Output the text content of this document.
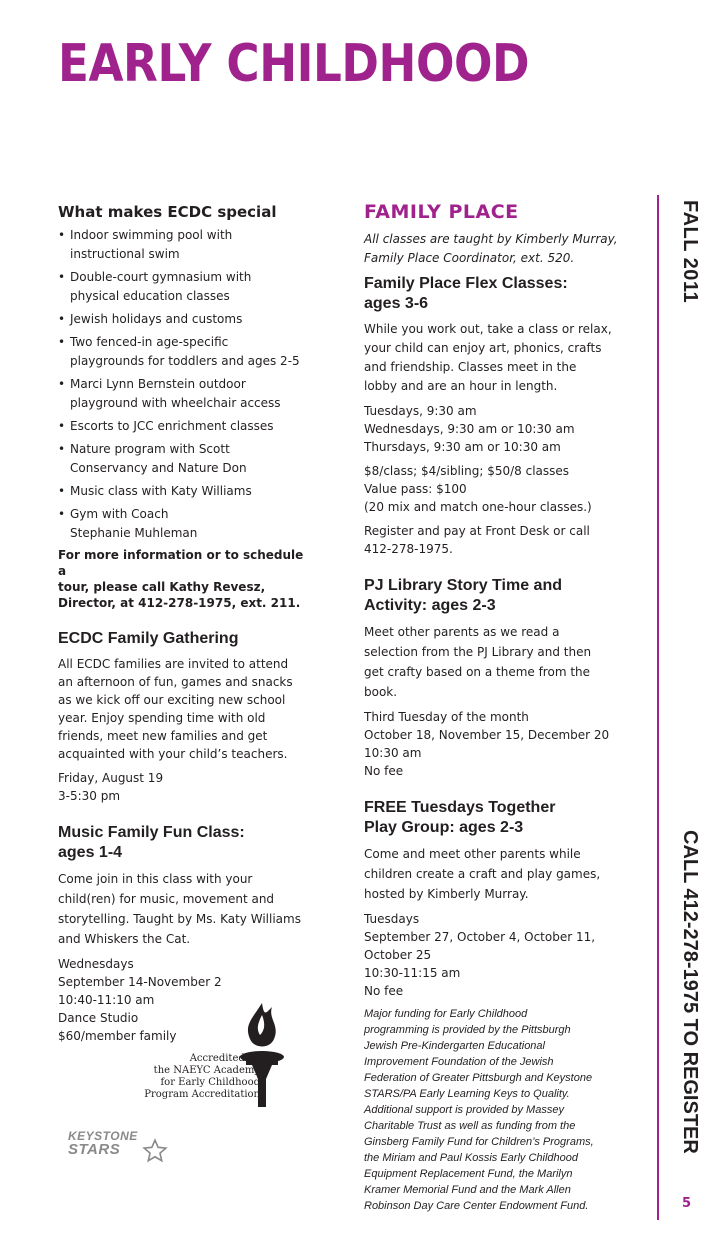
EARLY CHILDHOOD
What makes ECDC special
• Indoor swimming pool with
instructional swim
• Double-court gymnasium with
physical education classes
• Jewish holidays and customs
• Two fenced-in age-specific
playgrounds for toddlers and ages 2-5
• Marci Lynn Bernstein outdoor
playground with wheelchair access
• Escorts to JCC enrichment classes
• Nature program with Scott
Conservancy and Nature Don
• Music class with Katy Williams
• Gym with Coach
Stephanie Muhleman
For more information or to schedule a
tour, please call Kathy Revesz,
Director, at 412-278-1975, ext. 211.
ECDC Family Gathering
All ECDC families are invited to attend
an afternoon of fun, games and snacks
as we kick off our exciting new school
year. Enjoy spending time with old
friends, meet new families and get
acquainted with your child’s teachers.
Friday, August 19
3-5:30 pm
Music Family Fun Class:
ages 1-4
Come join in this class with your
child(ren) for music, movement and
storytelling. Taught by Ms. Katy Williams
and Whiskers the Cat.
Wednesdays
September 14-November 2
10:40-11:10 am
Dance Studio
$60/member family
Accredited by
the NAEYC Academy
for Early Childhood
Program Accreditation
KEYSTONE
STARS
FAMILY PLACE
All classes are taught by Kimberly Murray,
Family Place Coordinator, ext. 520.
Family Place Flex Classes:
ages 3-6
While you work out, take a class or relax,
your child can enjoy art, phonics, crafts
and friendship. Classes meet in the
lobby and are an hour in length.
Tuesdays, 9:30 am
Wednesdays, 9:30 am or 10:30 am
Thursdays, 9:30 am or 10:30 am
$8/class; $4/sibling; $50/8 classes
Value pass: $100
(20 mix and match one-hour classes.)
Register and pay at Front Desk or call
412-278-1975.
PJ Library Story Time and
Activity: ages 2-3
Meet other parents as we read a
selection from the PJ Library and then
get crafty based on a theme from the
book.
Third Tuesday of the month
October 18, November 15, December 20
10:30 am
No fee
FREE Tuesdays Together
Play Group: ages 2-3
Come and meet other parents while
children create a craft and play games,
hosted by Kimberly Murray.
Tuesdays
September 27, October 4, October 11,
October 25
10:30-11:15 am
No fee
Major funding for Early Childhood
programming is provided by the Pittsburgh
Jewish Pre-Kindergarten Educational
Improvement Foundation of the Jewish
Federation of Greater Pittsburgh and Keystone
STARS/PA Early Learning Keys to Quality.
Additional support is provided by Massey
Charitable Trust as well as funding from the
Ginsberg Family Fund for Children’s Programs,
the Miriam and Paul Kossis Early Childhood
Equipment Replacement Fund, the Marilyn
Kramer Memorial Fund and the Mark Allen
Robinson Day Care Center Endowment Fund.
FALL 2011
CALL 412-278-1975 TO REGISTER
5
